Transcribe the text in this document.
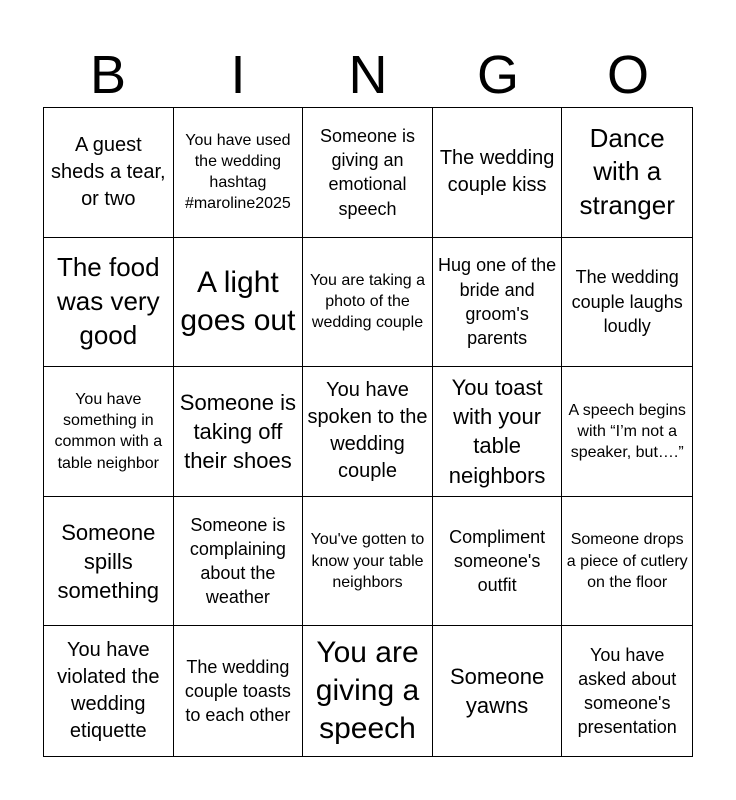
B	I	N	G	O
A guest sheds a tear, or two
You have used the wedding hashtag #maroline2025
Someone is giving an emotional speech
The wedding couple kiss
Dance with a stranger
The food was very good
A light goes out
You are taking a photo of the wedding couple
Hug one of the bride and groom's parents
The wedding couple laughs loudly
You have something in common with a table neighbor
Someone is taking off their shoes
You have spoken to the wedding couple
You toast with your table neighbors
A speech begins with “I’m not a speaker, but….”
Someone spills something
Someone is complaining about the weather
You've gotten to know your table neighbors
Compliment someone's outfit
Someone drops a piece of cutlery on the floor
You have violated the wedding etiquette
The wedding couple toasts to each other
You are giving a speech
Someone yawns
You have asked about someone's presentation
